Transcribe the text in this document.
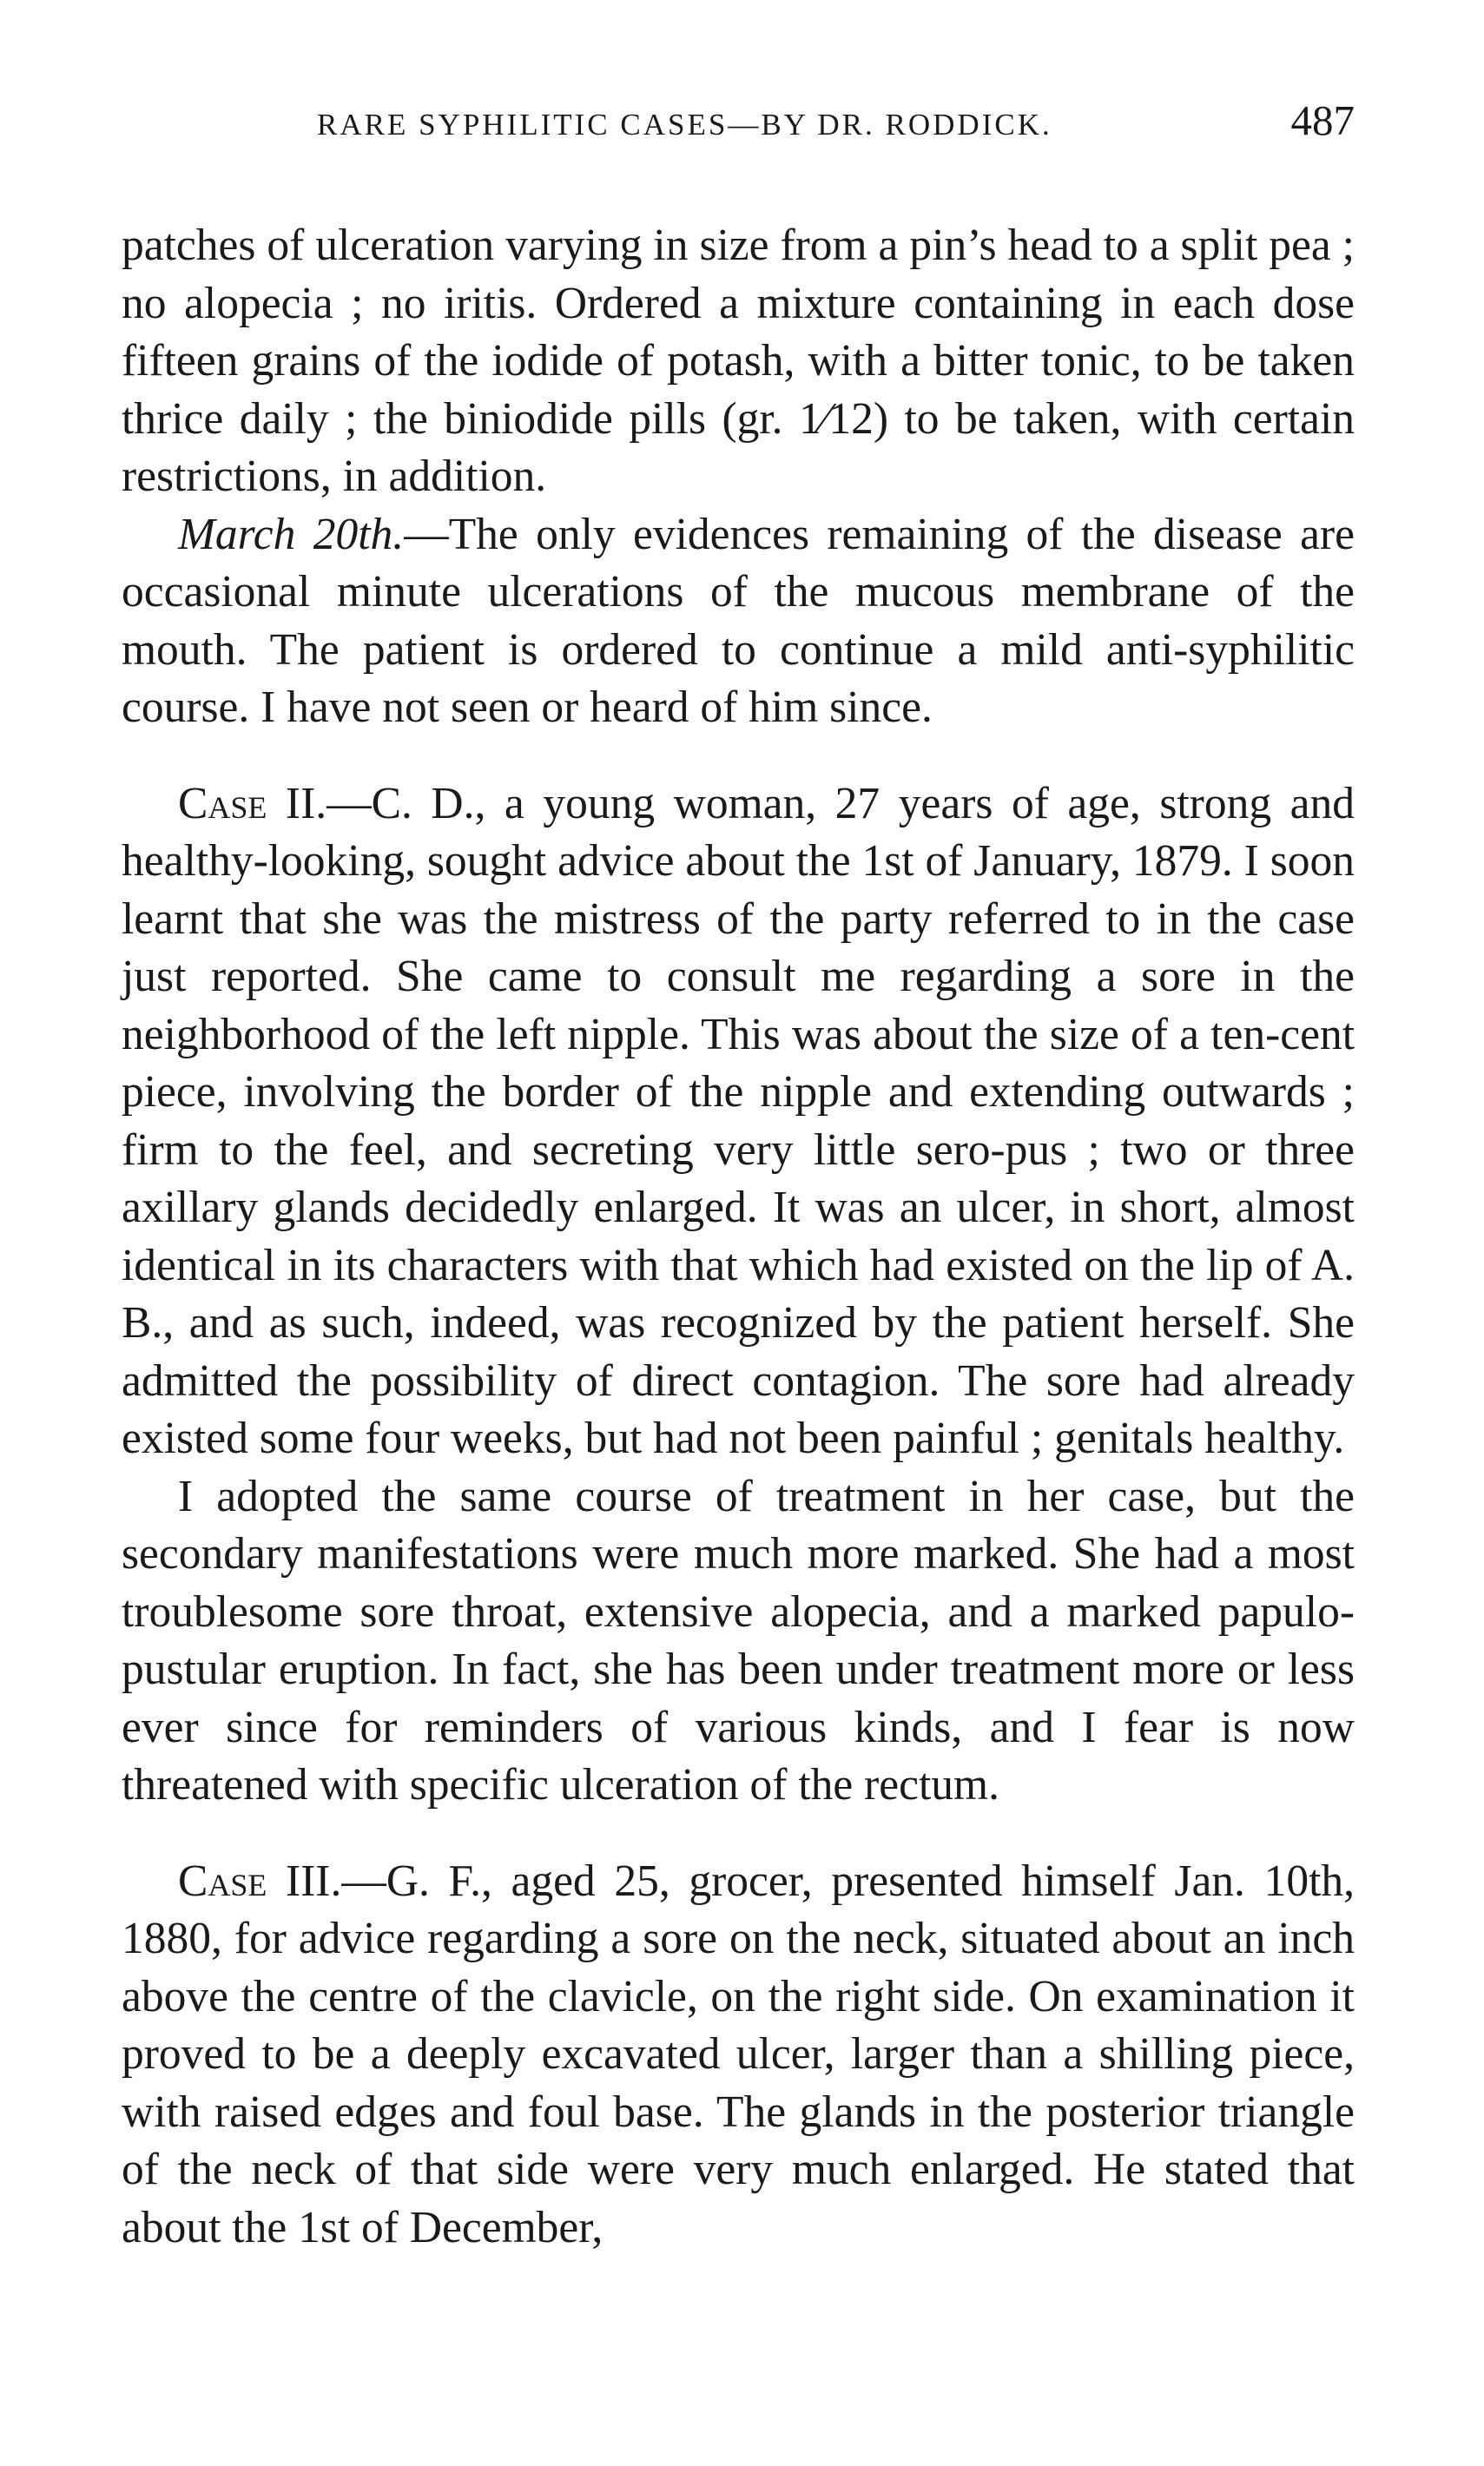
RARE SYPHILITIC CASES—BY DR. RODDICK.	487

patches of ulceration varying in size from a pin’s head to a split pea ; no alopecia ; no iritis. Ordered a mixture containing in each dose fifteen grains of the iodide of potash, with a bitter tonic, to be taken thrice daily ; the biniodide pills (gr. 1⁄12) to be taken, with certain restrictions, in addition.

March 20th.—The only evidences remaining of the disease are occasional minute ulcerations of the mucous membrane of the mouth. The patient is ordered to continue a mild anti-syphilitic course. I have not seen or heard of him since.

Case II.—C. D., a young woman, 27 years of age, strong and healthy-looking, sought advice about the 1st of January, 1879. I soon learnt that she was the mistress of the party referred to in the case just reported. She came to consult me regarding a sore in the neighborhood of the left nipple. This was about the size of a ten-cent piece, involving the border of the nipple and extending outwards ; firm to the feel, and secreting very little sero-pus ; two or three axillary glands decidedly enlarged. It was an ulcer, in short, almost identical in its characters with that which had existed on the lip of A. B., and as such, indeed, was recognized by the patient herself. She admitted the possibility of direct contagion. The sore had already existed some four weeks, but had not been painful ; genitals healthy.

I adopted the same course of treatment in her case, but the secondary manifestations were much more marked. She had a most troublesome sore throat, extensive alopecia, and a marked papulo-pustular eruption. In fact, she has been under treatment more or less ever since for reminders of various kinds, and I fear is now threatened with specific ulceration of the rectum.

Case III.—G. F., aged 25, grocer, presented himself Jan. 10th, 1880, for advice regarding a sore on the neck, situated about an inch above the centre of the clavicle, on the right side. On examination it proved to be a deeply excavated ulcer, larger than a shilling piece, with raised edges and foul base. The glands in the posterior triangle of the neck of that side were very much enlarged. He stated that about the 1st of December,
